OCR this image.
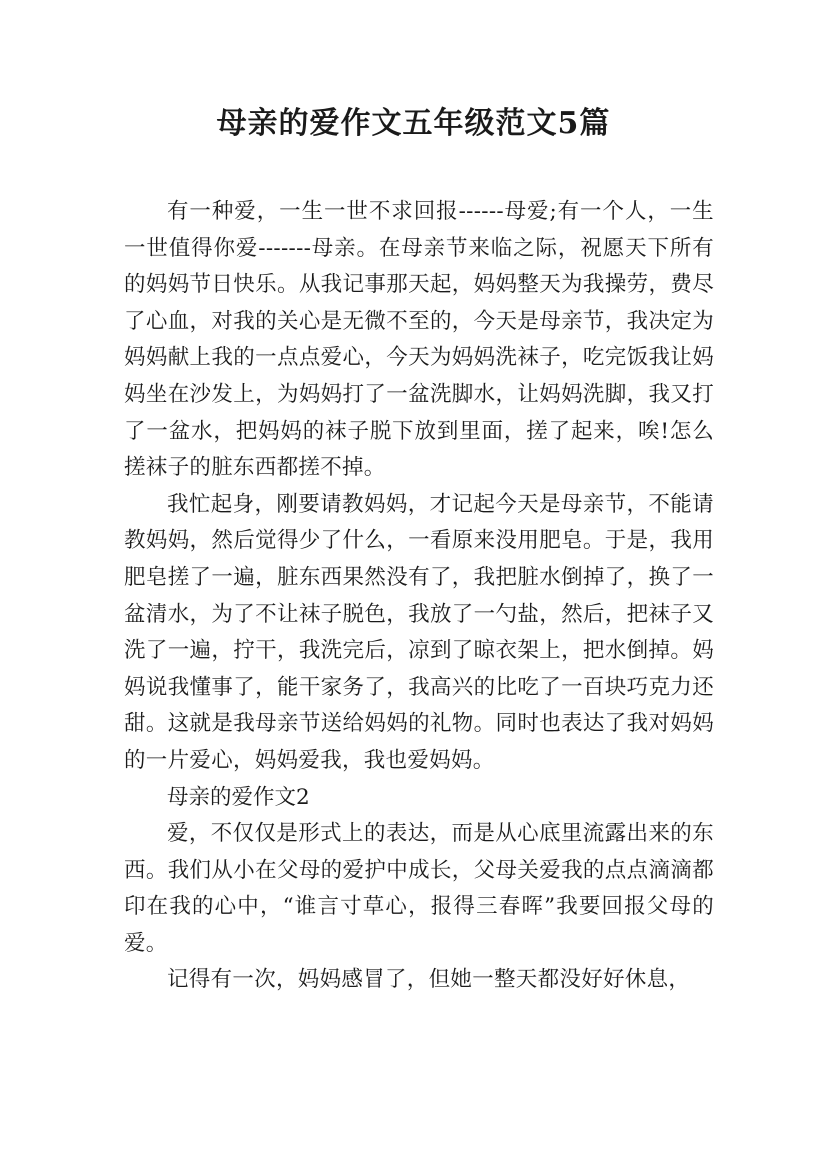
母亲的爱作文五年级范文5篇

有一种爱，一生一世不求回报------母爱;有一个人，一生一世值得你爱-------母亲。在母亲节来临之际，祝愿天下所有的妈妈节日快乐。从我记事那天起，妈妈整天为我操劳，费尽了心血，对我的关心是无微不至的，今天是母亲节，我决定为妈妈献上我的一点点爱心，今天为妈妈洗袜子，吃完饭我让妈妈坐在沙发上，为妈妈打了一盆洗脚水，让妈妈洗脚，我又打了一盆水，把妈妈的袜子脱下放到里面，搓了起来，唉!怎么搓袜子的脏东西都搓不掉。

我忙起身，刚要请教妈妈，才记起今天是母亲节，不能请教妈妈，然后觉得少了什么，一看原来没用肥皂。于是，我用肥皂搓了一遍，脏东西果然没有了，我把脏水倒掉了，换了一盆清水，为了不让袜子脱色，我放了一勺盐，然后，把袜子又洗了一遍，拧干，我洗完后，凉到了晾衣架上，把水倒掉。妈妈说我懂事了，能干家务了，我高兴的比吃了一百块巧克力还甜。这就是我母亲节送给妈妈的礼物。同时也表达了我对妈妈的一片爱心，妈妈爱我，我也爱妈妈。

母亲的爱作文2

爱，不仅仅是形式上的表达，而是从心底里流露出来的东西。我们从小在父母的爱护中成长，父母关爱我的点点滴滴都印在我的心中，“谁言寸草心，报得三春晖”我要回报父母的爱。

记得有一次，妈妈感冒了，但她一整天都没好好休息，
